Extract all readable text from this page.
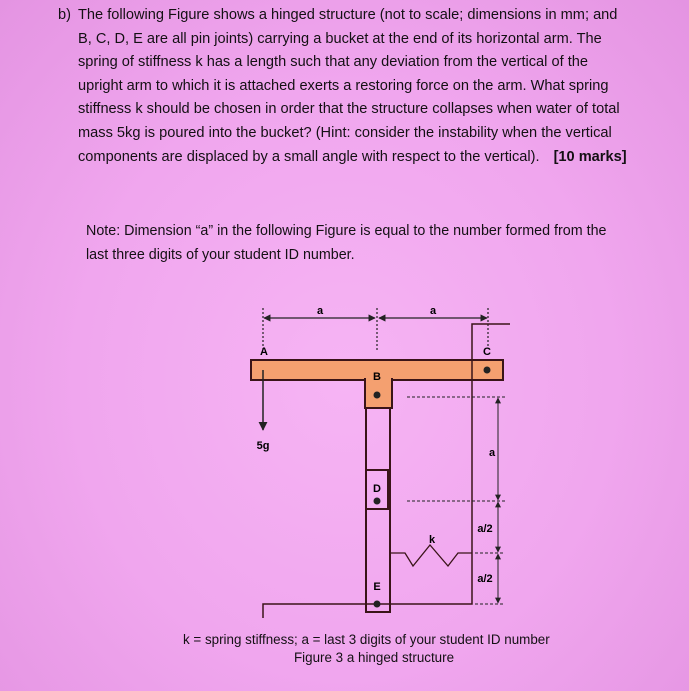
b) The following Figure shows a hinged structure (not to scale; dimensions in mm; and
B, C, D, E are all pin joints) carrying a bucket at the end of its horizontal arm. The
spring of stiffness k has a length such that any deviation from the vertical of the
upright arm to which it is attached exerts a restoring force on the arm. What spring
stiffness k should be chosen in order that the structure collapses when water of total
mass 5kg is poured into the bucket? (Hint: consider the instability when the vertical
components are displaced by a small angle with respect to the vertical). [10 marks]
Note: Dimension “a” in the following Figure is equal to the number formed from the
last three digits of your student ID number.
a	a
a
a/2
a/2
A	C
B
D
E
k
5g
k = spring stiffness; a = last 3 digits of your student ID number
Figure 3 a hinged structure
